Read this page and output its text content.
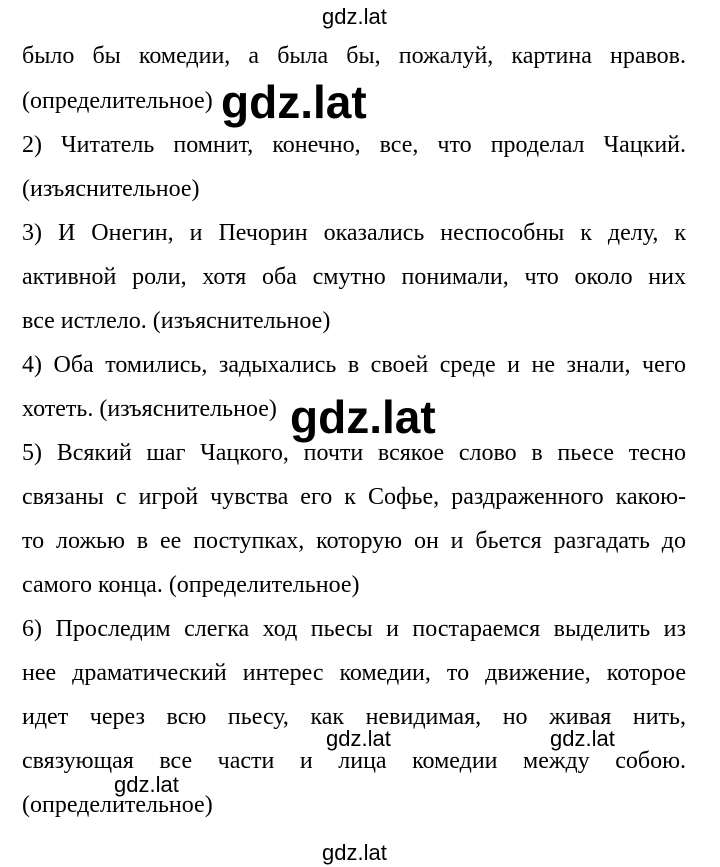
gdz.lat
было бы комедии, а была бы, пожалуй, картина нравов.
(определительное) gdz.lat
2) Читатель помнит, конечно, все, что проделал Чацкий.
(изъяснительное)
3) И Онегин, и Печорин оказались неспособны к делу, к
активной роли, хотя оба смутно понимали, что около них
все истлело. (изъяснительное)
4) Оба томились, задыхались в своей среде и не знали, чего
хотеть. (изъяснительное) gdz.lat
5) Всякий шаг Чацкого, почти всякое слово в пьесе тесно
связаны с игрой чувства его к Софье, раздраженного какою-
то ложью в ее поступках, которую он и бьется разгадать до
самого конца. (определительное)
6) Проследим слегка ход пьесы и постараемся выделить из
нее драматический интерес комедии, то движение, которое
идет через всю пьесу, как невидимая, но живая нить,
связующая все части и лица комедии между собою.
(определительное)
gdz.lat	gdz.lat
gdz.lat
gdz.lat
